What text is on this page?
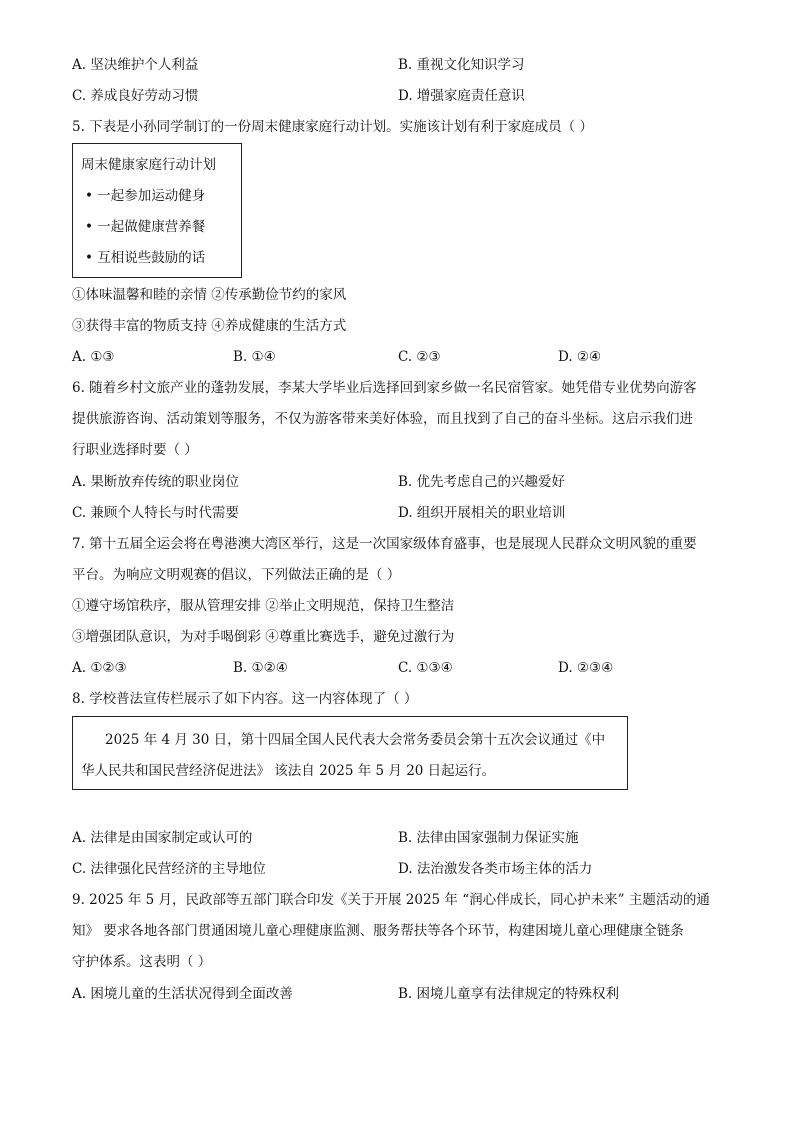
A. 坚决维护个人利益	B. 重视文化知识学习
C. 养成良好劳动习惯	D. 增强家庭责任意识
5. 下表是小孙同学制订的一份周末健康家庭行动计划。实施该计划有利于家庭成员（ ）
周末健康家庭行动计划
• 一起参加运动健身
• 一起做健康营养餐
• 互相说些鼓励的话
①体味温馨和睦的亲情 ②传承勤俭节约的家风
③获得丰富的物质支持 ④养成健康的生活方式
A. ①③	B. ①④	C. ②③	D. ②④
6. 随着乡村文旅产业的蓬勃发展，李某大学毕业后选择回到家乡做一名民宿管家。她凭借专业优势向游客
提供旅游咨询、活动策划等服务，不仅为游客带来美好体验，而且找到了自己的奋斗坐标。这启示我们进
行职业选择时要（ ）
A. 果断放弃传统的职业岗位	B. 优先考虑自己的兴趣爱好
C. 兼顾个人特长与时代需要	D. 组织开展相关的职业培训
7. 第十五届全运会将在粤港澳大湾区举行，这是一次国家级体育盛事，也是展现人民群众文明风貌的重要
平台。为响应文明观赛的倡议，下列做法正确的是（ ）
①遵守场馆秩序，服从管理安排 ②举止文明规范，保持卫生整洁
③增强团队意识，为对手喝倒彩 ④尊重比赛选手，避免过激行为
A. ①②③	B. ①②④	C. ①③④	D. ②③④
8. 学校普法宣传栏展示了如下内容。这一内容体现了（ ）
2025 年 4 月 30 日，第十四届全国人民代表大会常务委员会第十五次会议通过《中
华人民共和国民营经济促进法》 该法自 2025 年 5 月 20 日起运行。
A. 法律是由国家制定或认可的	B. 法律由国家强制力保证实施
C. 法律强化民营经济的主导地位	D. 法治激发各类市场主体的活力
9. 2025 年 5 月，民政部等五部门联合印发《关于开展 2025 年 “润心伴成长，同心护未来” 主题活动的通
知》 要求各地各部门贯通困境儿童心理健康监测、服务帮扶等各个环节，构建困境儿童心理健康全链条
守护体系。这表明（ ）
A. 困境儿童的生活状况得到全面改善	B. 困境儿童享有法律规定的特殊权利
